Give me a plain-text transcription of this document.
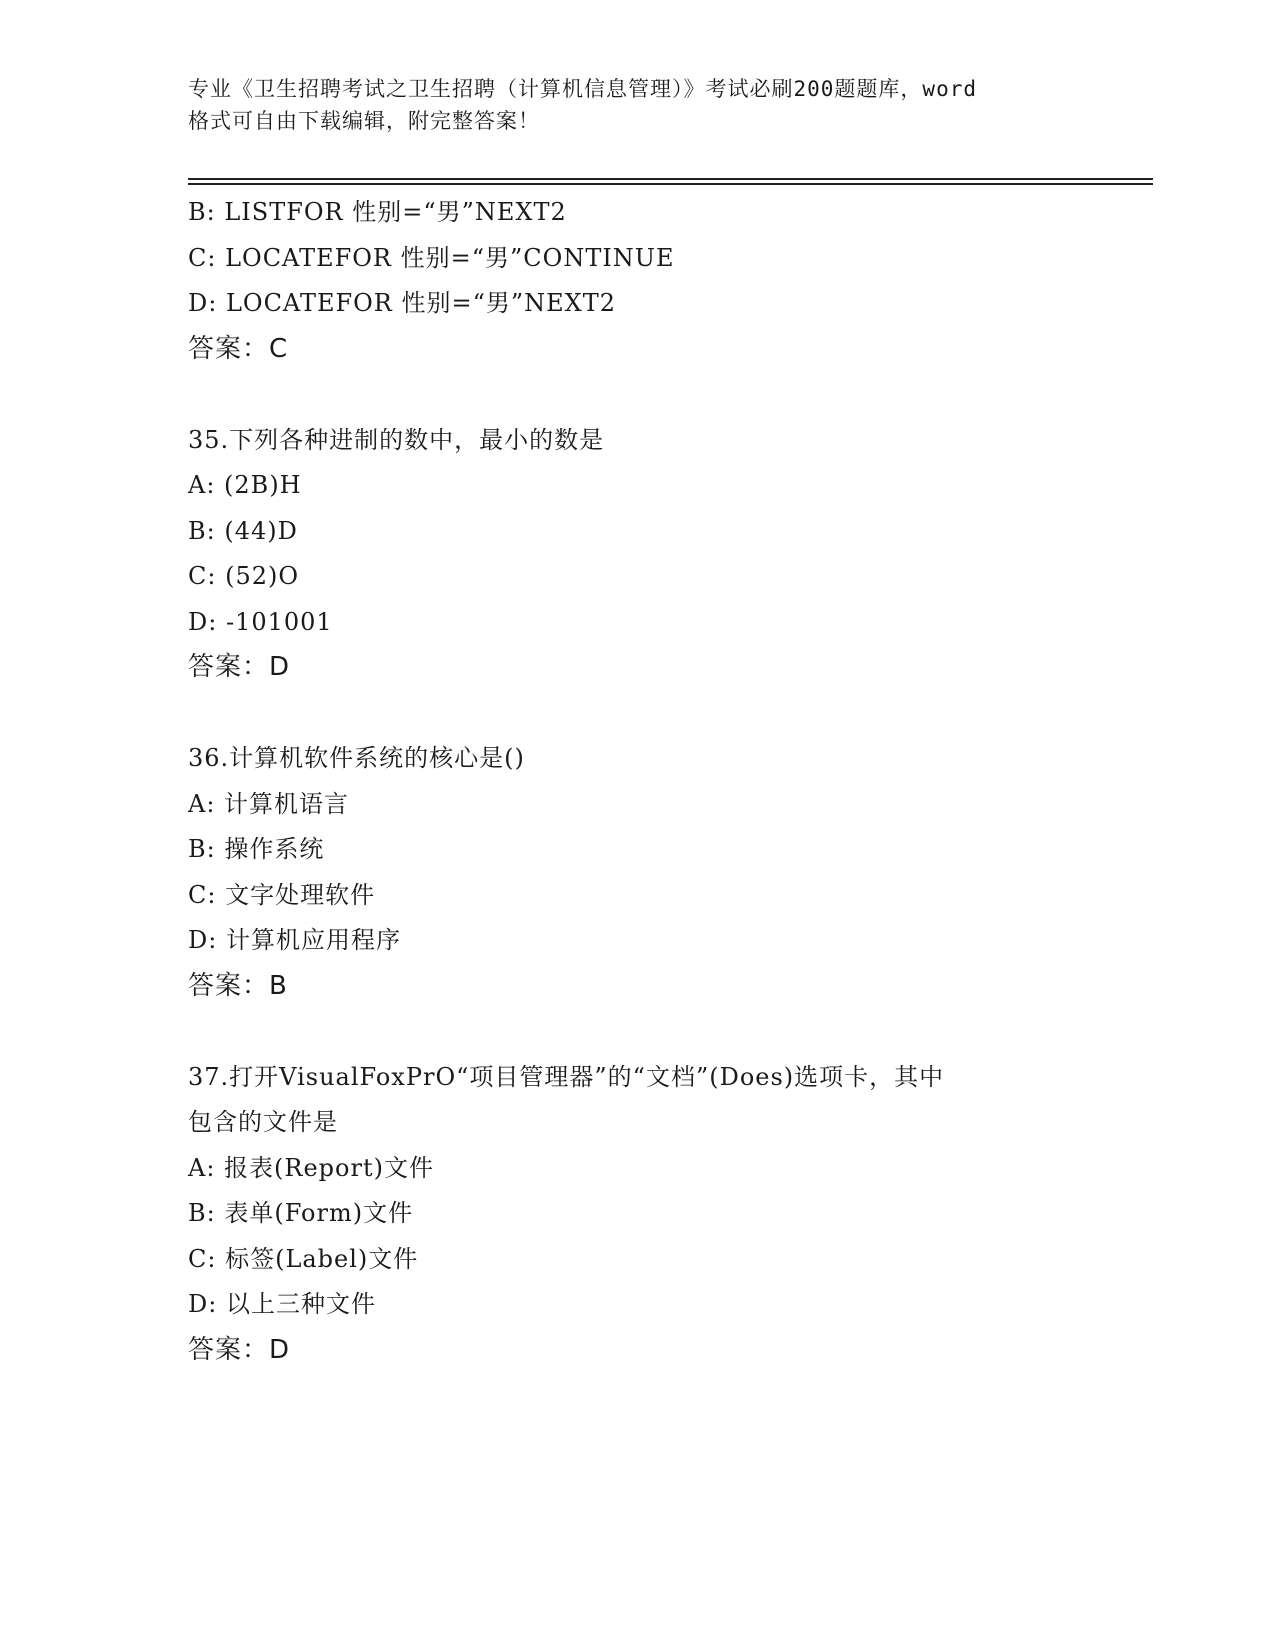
专业《卫生招聘考试之卫生招聘（计算机信息管理）》考试必刷200题题库，word
格式可自由下载编辑，附完整答案！
B: LISTFOR 性别=“男”NEXT2
C: LOCATEFOR 性别=“男”CONTINUE
D: LOCATEFOR 性别=“男”NEXT2
答案：C
35.下列各种进制的数中，最小的数是
A: (2B)H
B: (44)D
C: (52)O
D: -101001
答案：D
36.计算机软件系统的核心是()
A: 计算机语言
B: 操作系统
C: 文字处理软件
D: 计算机应用程序
答案：B
37.打开VisualFoxPrO“项目管理器”的“文档”(Does)选项卡，其中
包含的文件是
A: 报表(Report)文件
B: 表单(Form)文件
C: 标签(Label)文件
D: 以上三种文件
答案：D
